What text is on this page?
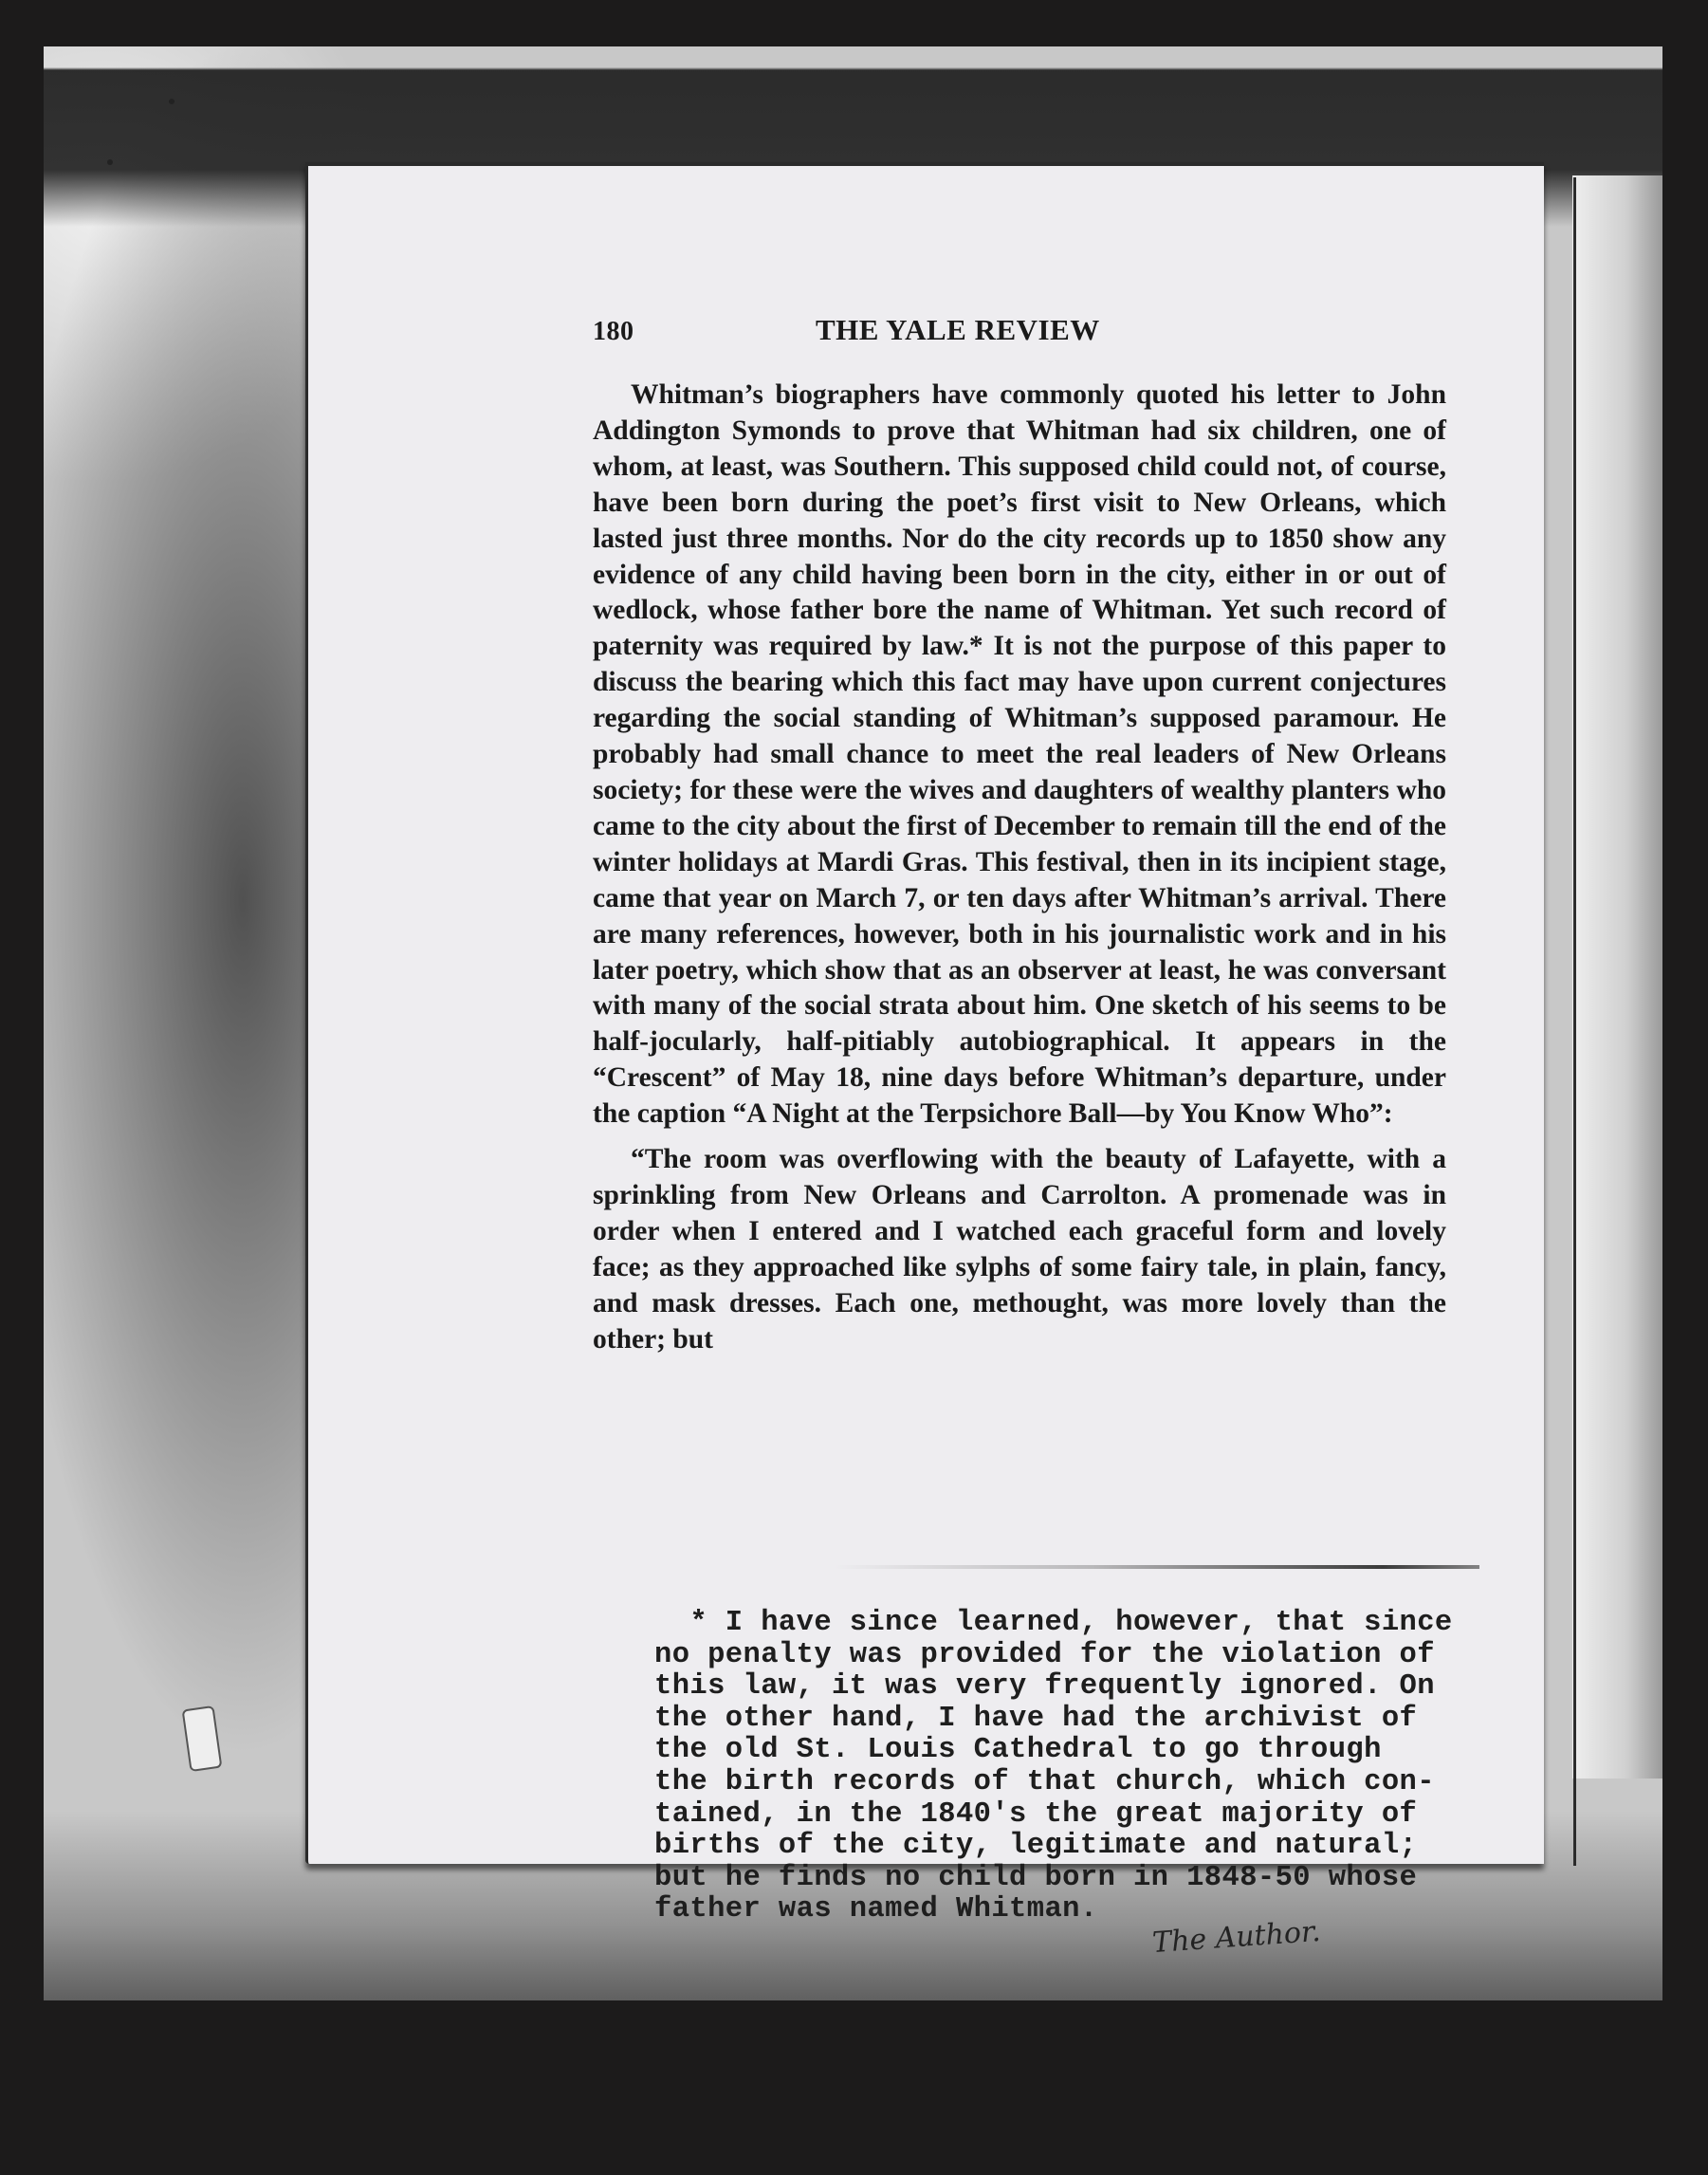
180	THE YALE REVIEW

Whitman’s biographers have commonly quoted his letter to John Addington Symonds to prove that Whitman had six children, one of whom, at least, was Southern. This supposed child could not, of course, have been born during the poet’s first visit to New Orleans, which lasted just three months. Nor do the city records up to 1850 show any evidence of any child having been born in the city, either in or out of wedlock, whose father bore the name of Whitman. Yet such record of paternity was required by law.* It is not the purpose of this paper to discuss the bearing which this fact may have upon current conjectures regarding the social standing of Whitman’s supposed paramour. He probably had small chance to meet the real leaders of New Orleans society; for these were the wives and daughters of wealthy planters who came to the city about the first of December to remain till the end of the winter holidays at Mardi Gras. This festival, then in its incipient stage, came that year on March 7, or ten days after Whitman’s arrival. There are many references, however, both in his journalistic work and in his later poetry, which show that as an observer at least, he was conversant with many of the social strata about him. One sketch of his seems to be half-jocularly, half-pitiably autobiographical. It appears in the “Crescent” of May 18, nine days before Whitman’s departure, under the caption “A Night at the Terpsichore Ball—by You Know Who”:

“The room was overflowing with the beauty of Lafayette, with a sprinkling from New Orleans and Carrolton. A promenade was in order when I entered and I watched each graceful form and lovely face; as they approached like sylphs of some fairy tale, in plain, fancy, and mask dresses. Each one, methought, was more lovely than the other; but

* I have since learned, however, that since
no penalty was provided for the violation of
this law, it was very frequently ignored. On
the other hand, I have had the archivist of
the old St. Louis Cathedral to go through
the birth records of that church, which con-
tained, in the 1840's the great majority of
births of the city, legitimate and natural;
but he finds no child born in 1848-50 whose
father was named Whitman.
The Author.
